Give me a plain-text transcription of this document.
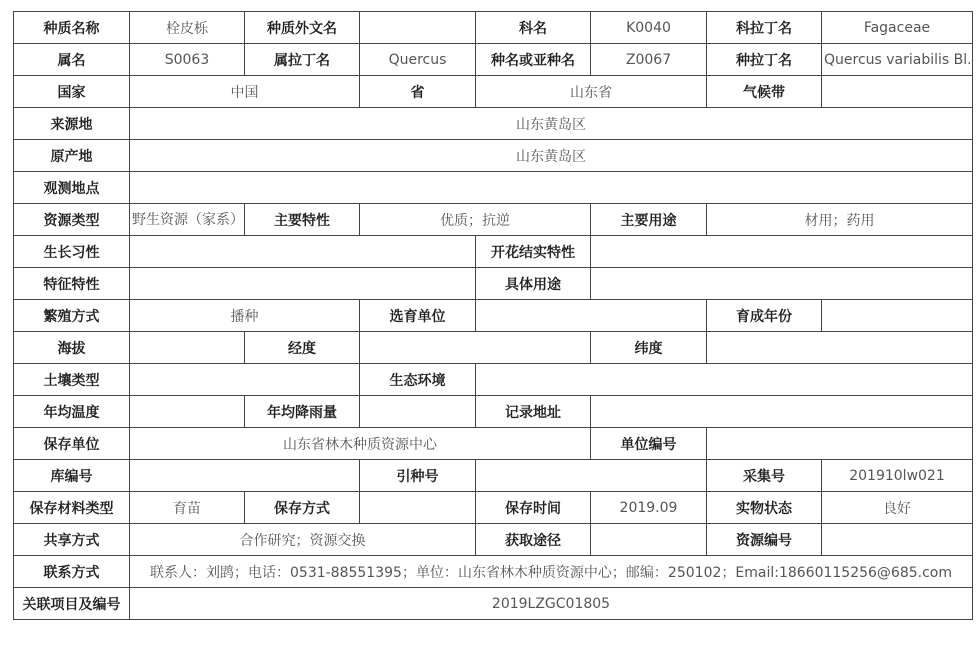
种质名称	栓皮栎	种质外文名		科名	K0040	科拉丁名	Fagaceae
属名	S0063	属拉丁名	Quercus	种名或亚种名	Z0067	种拉丁名	Quercus variabilis Bl.
国家	中国		省	山东省		气候带	
来源地	山东黄岛区						
原产地	山东黄岛区						
观测地点							
资源类型	野生资源（家系）	主要特性	优质；抗逆		主要用途	材用；药用	
生长习性				开花结实特性			
特征特性				具体用途			
繁殖方式	播种		选育单位			育成年份	
海拔		经度			纬度		
土壤类型			生态环境				
年均温度		年均降雨量		记录地址			
保存单位	山东省林木种质资源中心				单位编号		
库编号			引种号			采集号	201910lw021
保存材料类型	育苗	保存方式		保存时间	2019.09	实物状态	良好
共享方式	合作研究；资源交换			获取途径		资源编号	
联系方式	联系人：刘鹍；电话：0531-88551395；单位：山东省林木种质资源中心；邮编：250102；Email:18660115256@685.com						
关联项目及编号	2019LZGC01805						
